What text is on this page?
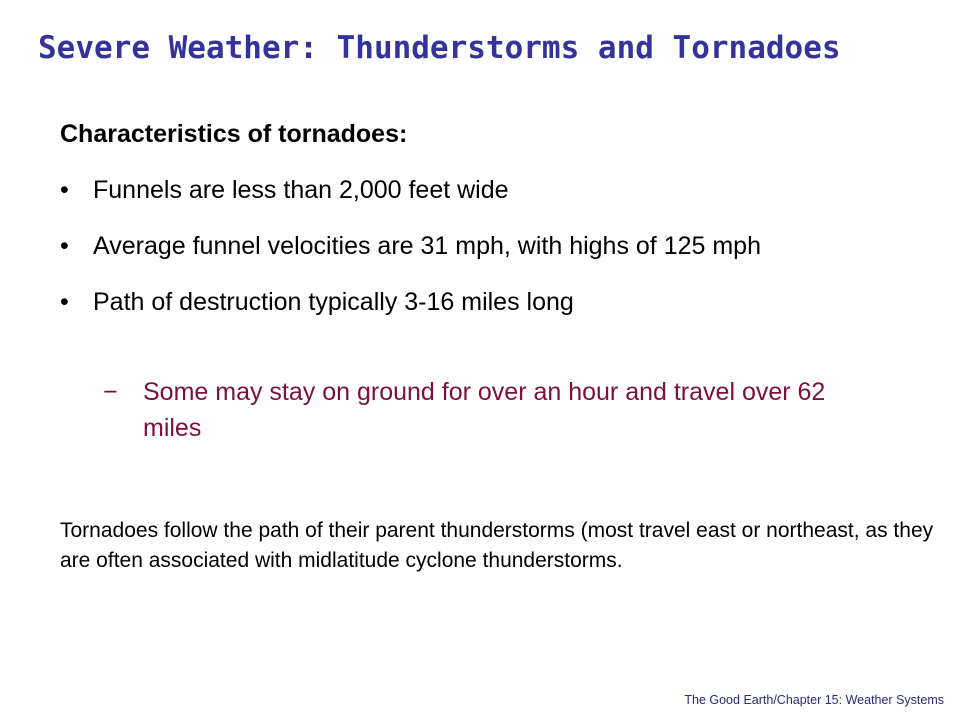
Severe Weather: Thunderstorms and Tornadoes
Characteristics of tornadoes:
• Funnels are less than 2,000 feet wide
• Average funnel velocities are 31 mph, with highs of 125 mph
• Path of destruction typically 3-16 miles long
− Some may stay on ground for over an hour and travel over 62 miles
Tornadoes follow the path of their parent thunderstorms (most travel east or northeast, as they are often associated with midlatitude cyclone thunderstorms.
The Good Earth/Chapter 15: Weather Systems
